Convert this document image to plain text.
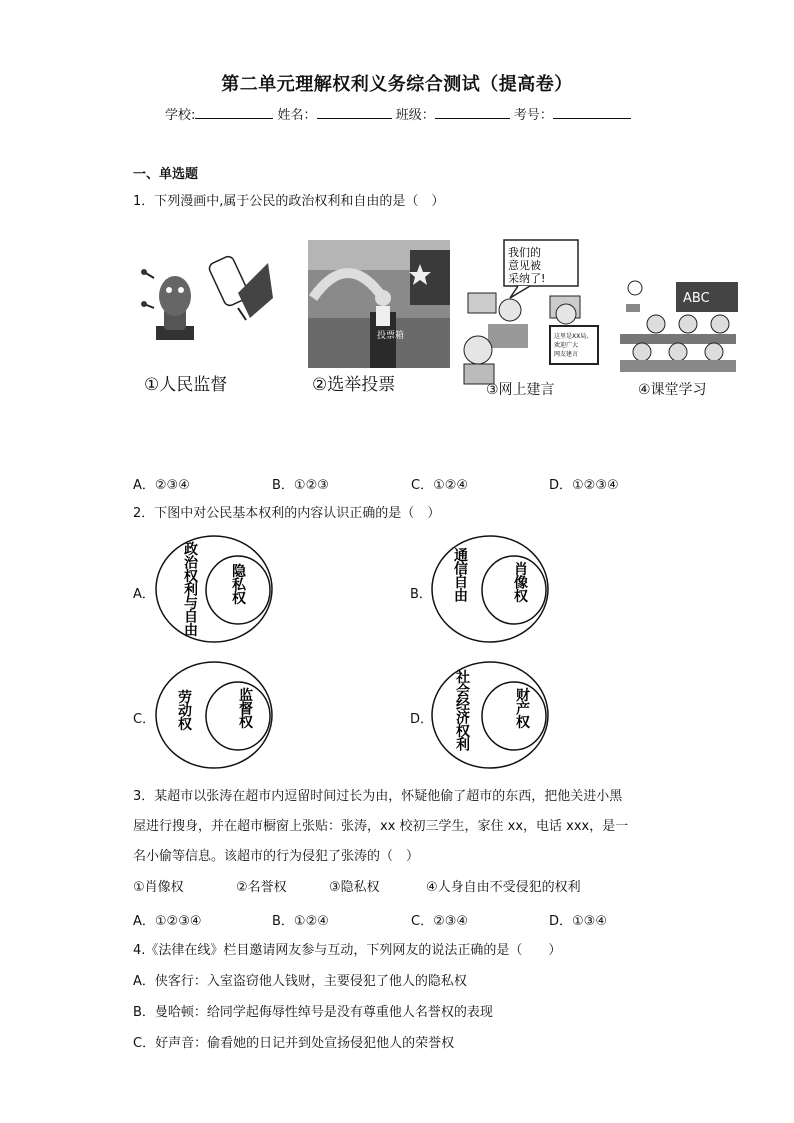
第二单元理解权利义务综合测试（提高卷）
学校:	姓名：	班级：	考号：
一、单选题
1．下列漫画中,属于公民的政治权利和自由的是（　）
①人民监督
投票箱
②选举投票
我们的
意见被
采纳了!
这里是XX局,
欢迎广大
网友建言
③网上建言
ABC
④课堂学习
A．②③④	B．①②③	C．①②④	D．①②③④
2．下图中对公民基本权利的内容认识正确的是（　）
A．
政治权利与自由
隐私权	B．
通信自由
肖像权
C．
劳动权
监督权	D．
社会经济权利
财产权
3．某超市以张涛在超市内逗留时间过长为由，怀疑他偷了超市的东西，把他关进小黑
屋进行搜身，并在超市橱窗上张贴：张涛，xx 校初三学生，家住 xx，电话 xxx，是一
名小偷等信息。该超市的行为侵犯了张涛的（　）
①肖像权	②名誉权	③隐私权	④人身自由不受侵犯的权利
A．①②③④	B．①②④	C．②③④	D．①③④
4.《法律在线》栏目邀请网友参与互动，下列网友的说法正确的是（　　）
A．侠客行：入室盗窃他人钱财，主要侵犯了他人的隐私权
B．曼哈顿：给同学起侮辱性绰号是没有尊重他人名誉权的表现
C．好声音：偷看她的日记并到处宣扬侵犯他人的荣誉权
